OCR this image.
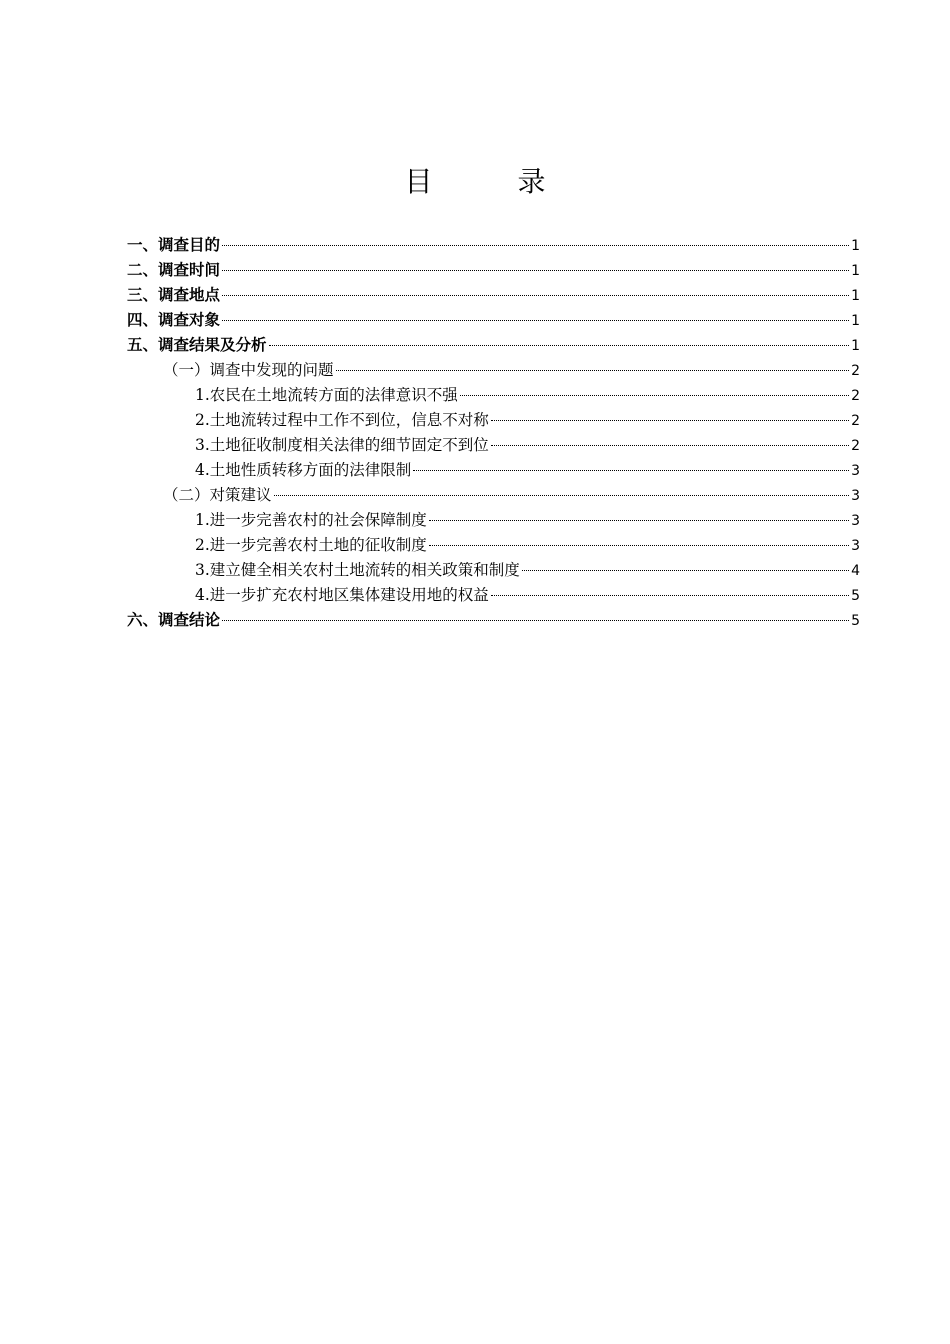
目 录
一、调查目的	1
二、调查时间	1
三、调查地点	1
四、调查对象	1
五、调查结果及分析	1
（一）调查中发现的问题	2
1.农民在土地流转方面的法律意识不强	2
2.土地流转过程中工作不到位，信息不对称	2
3.土地征收制度相关法律的细节固定不到位	2
4.土地性质转移方面的法律限制	3
（二）对策建议	3
1.进一步完善农村的社会保障制度	3
2.进一步完善农村土地的征收制度	3
3.建立健全相关农村土地流转的相关政策和制度	4
4.进一步扩充农村地区集体建设用地的权益	5
六、调查结论	5
